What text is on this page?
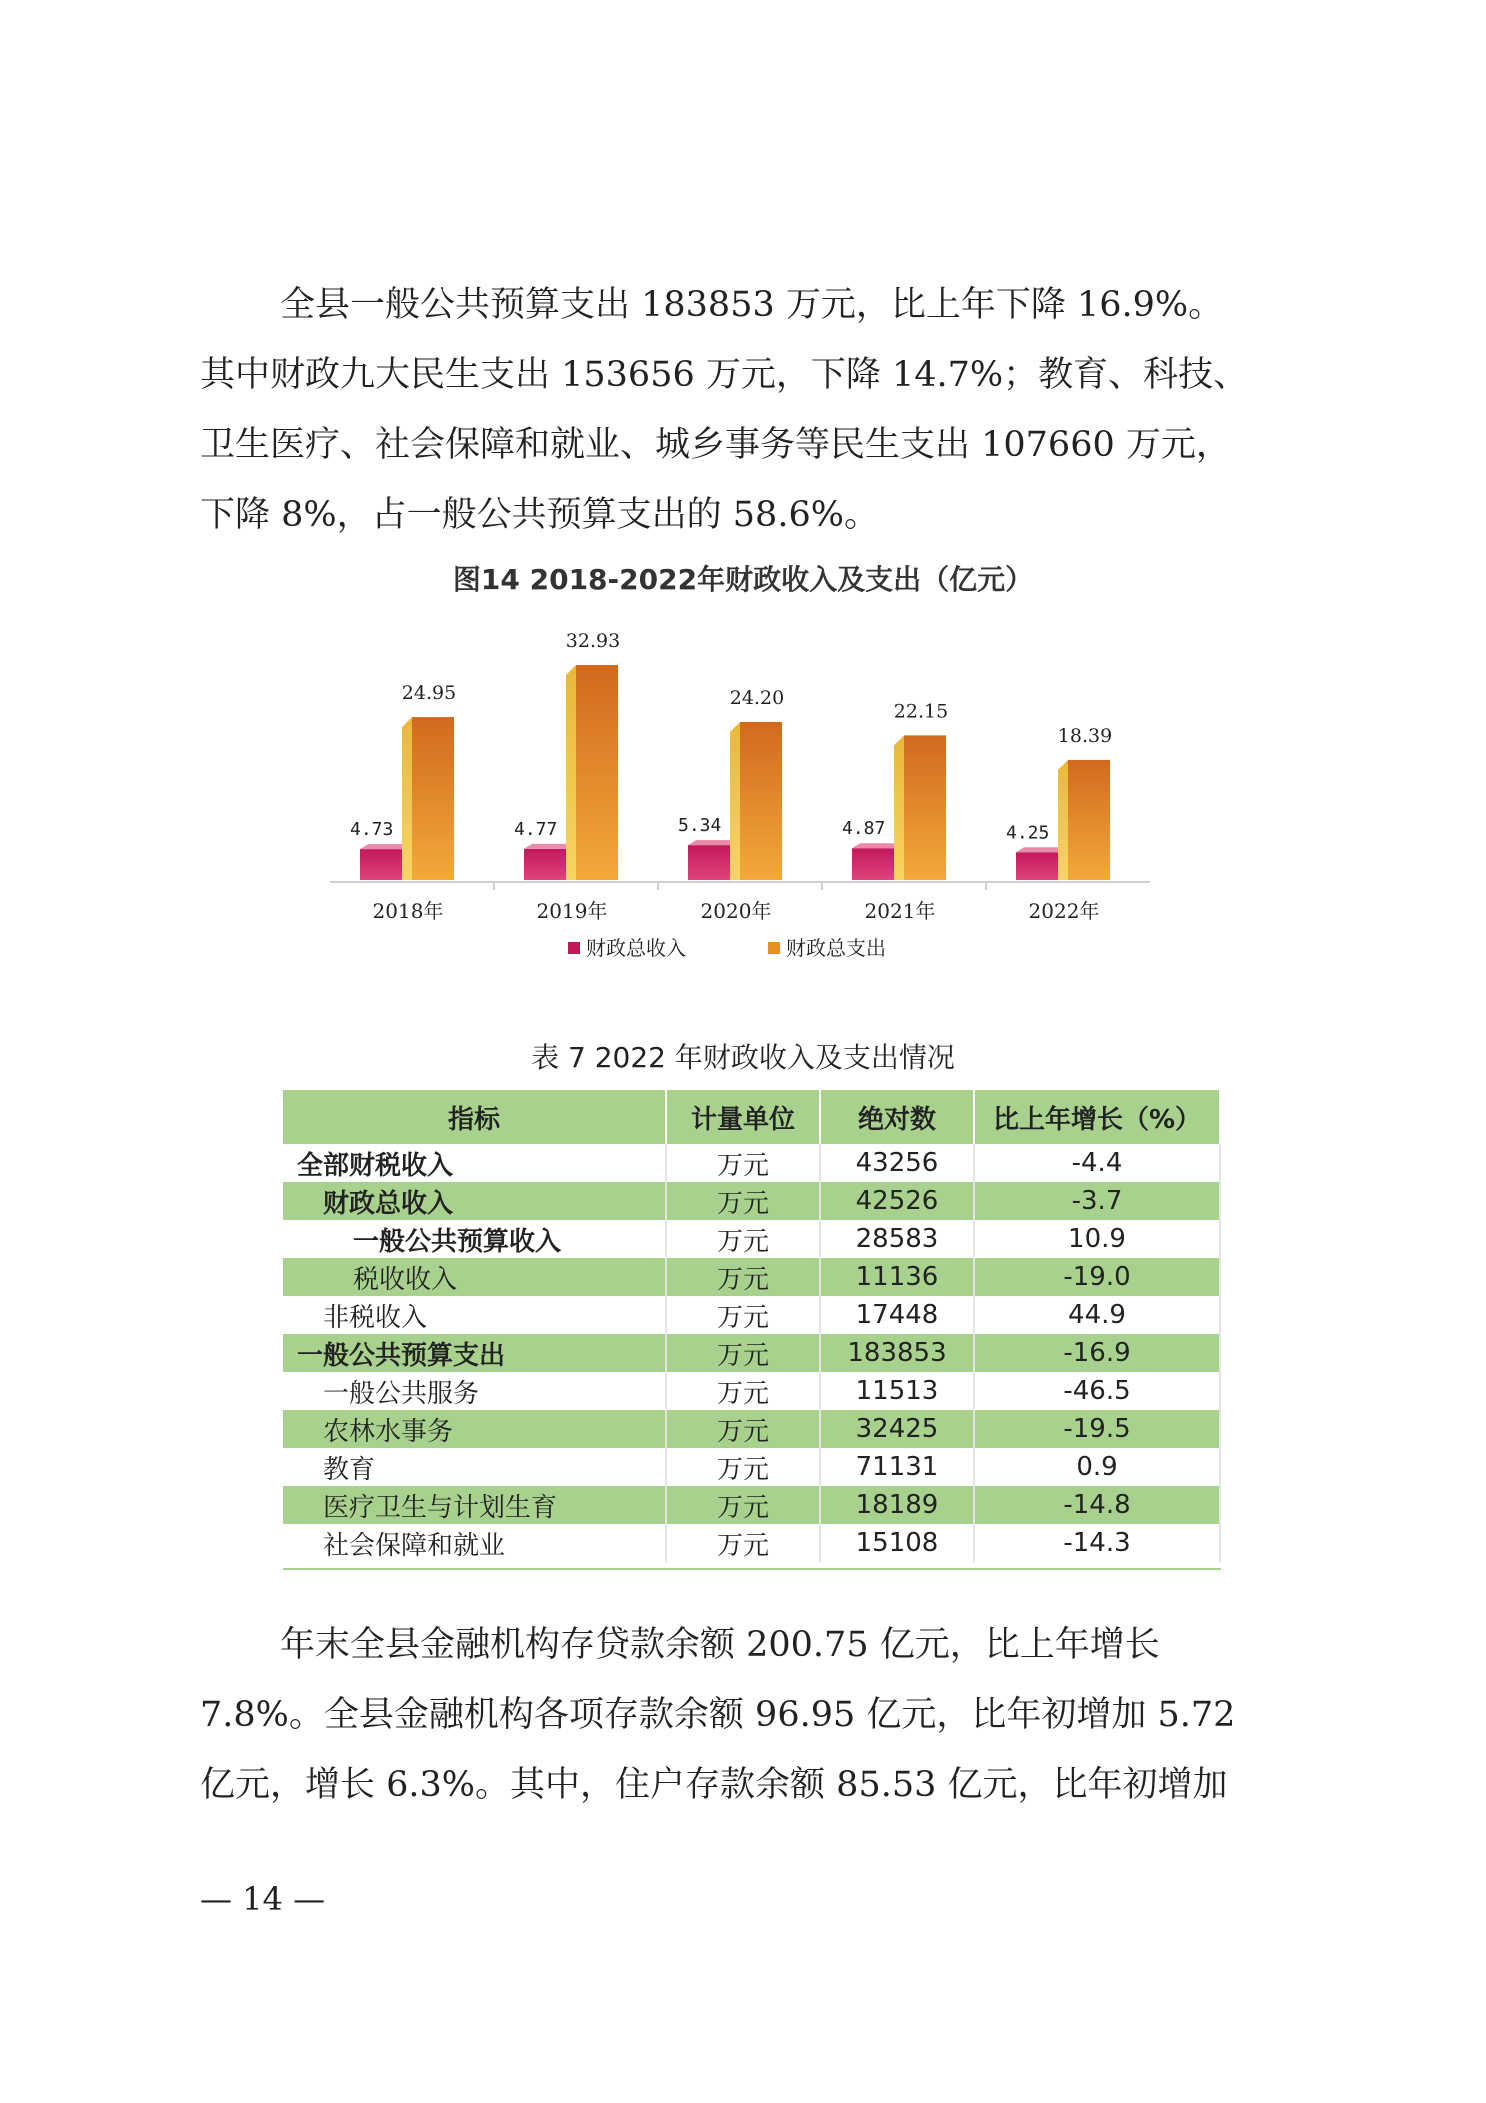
全县一般公共预算支出 183853 万元，比上年下降 16.9%。
其中财政九大民生支出 153656 万元，下降 14.7%；教育、科技、
卫生医疗、社会保障和就业、城乡事务等民生支出 107660 万元，
下降 8%，占一般公共预算支出的 58.6%。
图14 2018-2022年财政收入及支出（亿元）
4.73
24.95
2018年
4.77
32.93
2019年
5.34
24.20
2020年
4.87
22.15
2021年
4.25
18.39
2022年
财政总收入	财政总支出
表 7 2022 年财政收入及支出情况
指标	计量单位	绝对数	比上年增长（%）
全部财税收入	万元	43256	-4.4
财政总收入	万元	42526	-3.7
一般公共预算收入	万元	28583	10.9
税收收入	万元	11136	-19.0
非税收入	万元	17448	44.9
一般公共预算支出	万元	183853	-16.9
一般公共服务	万元	11513	-46.5
农林水事务	万元	32425	-19.5
教育	万元	71131	0.9
医疗卫生与计划生育	万元	18189	-14.8
社会保障和就业	万元	15108	-14.3
年末全县金融机构存贷款余额 200.75 亿元，比上年增长
7.8%。全县金融机构各项存款余额 96.95 亿元，比年初增加 5.72
亿元，增长 6.3%。其中，住户存款余额 85.53 亿元，比年初增加
— 14 —
